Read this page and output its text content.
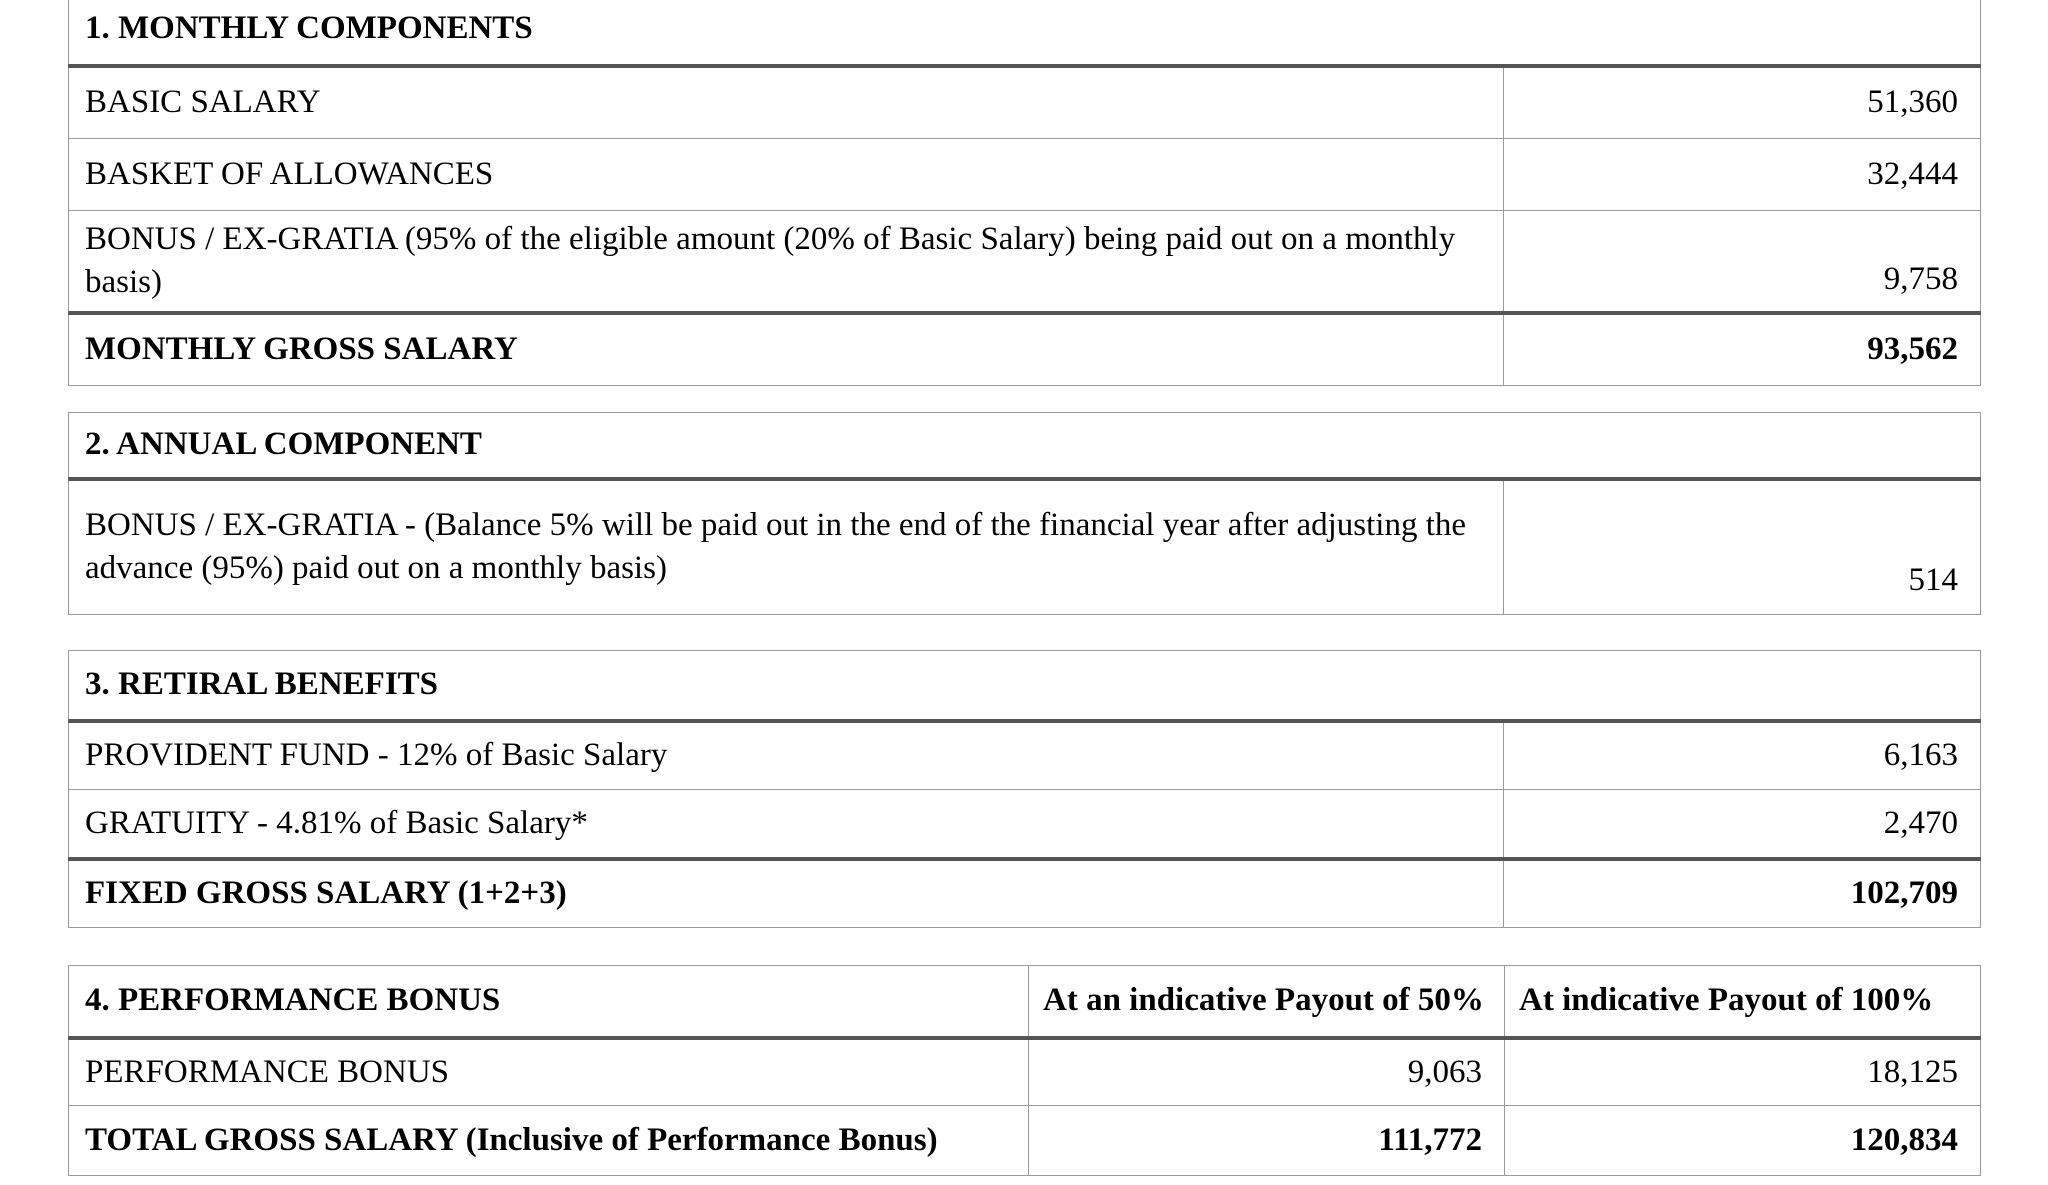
1. MONTHLY COMPONENTS	
BASIC SALARY	51,360
BASKET OF ALLOWANCES	32,444
BONUS / EX-GRATIA (95% of the eligible amount (20% of Basic Salary) being paid out on a monthly basis)	9,758
MONTHLY GROSS SALARY	93,562
2. ANNUAL COMPONENT
BONUS / EX-GRATIA - (Balance 5% will be paid out in the end of the financial year after adjusting the advance (95%) paid out on a monthly basis)	514
3. RETIRAL BENEFITS	
PROVIDENT FUND - 12% of Basic Salary	6,163
GRATUITY - 4.81% of Basic Salary*	2,470
FIXED GROSS SALARY (1+2+3)	102,709
4. PERFORMANCE BONUS	At an indicative Payout of 50%	At indicative Payout of 100%
PERFORMANCE BONUS	9,063	18,125
TOTAL GROSS SALARY (Inclusive of Performance Bonus)	111,772	120,834
